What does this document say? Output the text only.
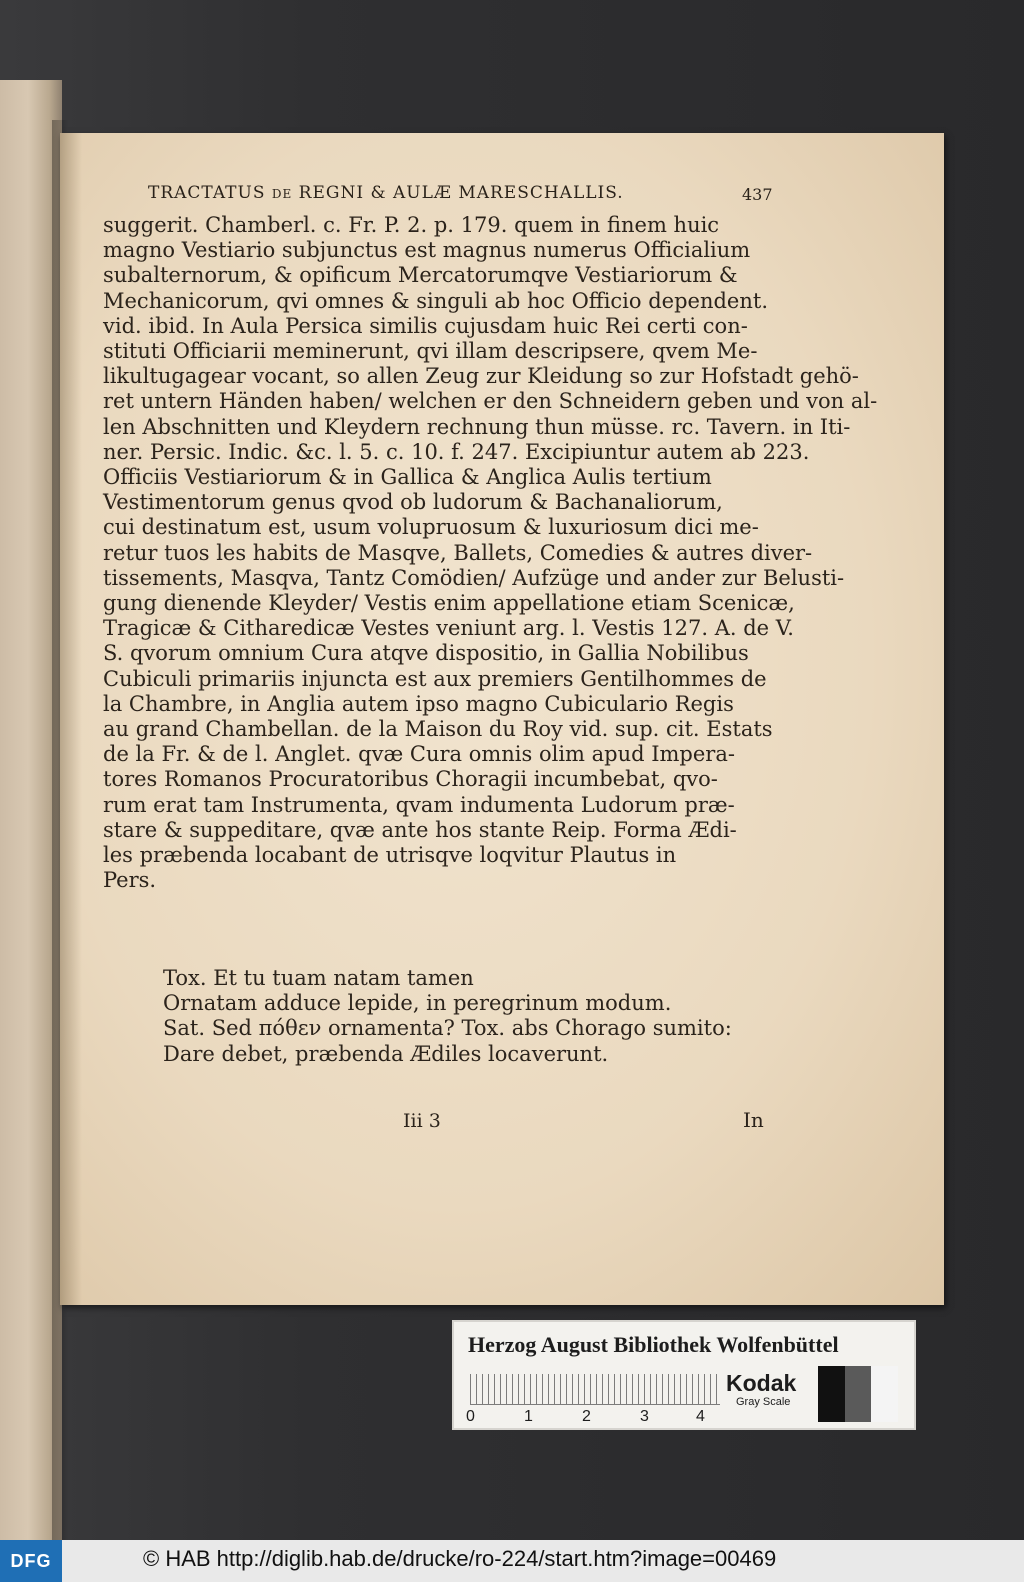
TRACTATUS de REGNI & AULÆ MARESCHALLIS.	437
suggerit. Chamberl. c. Fr. P. 2. p. 179. quem in finem huic
magno Vestiario subjunctus est magnus numerus Officialium
subalternorum, & opificum Mercatorumqve Vestiariorum &
Mechanicorum, qvi omnes & singuli ab hoc Officio dependent.
vid. ibid. In Aula Persica similis cujusdam huic Rei certi con-
stituti Officiarii meminerunt, qvi illam descripsere, qvem Me-
likultugagear vocant, so allen Zeug zur Kleidung so zur Hofstadt gehö-
ret untern Händen haben/ welchen er den Schneidern geben und von al-
len Abschnitten und Kleydern rechnung thun müsse. rc. Tavern. in Iti-
ner. Persic. Indic. &c. l. 5. c. 10. f. 247. Excipiuntur autem ab 223.
Officiis Vestiariorum & in Gallica & Anglica Aulis tertium
Vestimentorum genus qvod ob ludorum & Bachanaliorum,
cui destinatum est, usum volupruosum & luxuriosum dici me-
retur tuos les habits de Masqve, Ballets, Comedies & autres diver-
tissements, Masqva, Tantz Comödien/ Aufzüge und ander zur Belusti-
gung dienende Kleyder/ Vestis enim appellatione etiam Scenicæ,
Tragicæ & Citharedicæ Vestes veniunt arg. l. Vestis 127. A. de V.
S. qvorum omnium Cura atqve dispositio, in Gallia Nobilibus
Cubiculi primariis injuncta est aux premiers Gentilhommes de
la Chambre, in Anglia autem ipso magno Cubiculario Regis
au grand Chambellan. de la Maison du Roy vid. sup. cit. Estats
de la Fr. & de l. Anglet. qvæ Cura omnis olim apud Impera-
tores Romanos Procuratoribus Choragii incumbebat, qvo-
rum erat tam Instrumenta, qvam indumenta Ludorum præ-
stare & suppeditare, qvæ ante hos stante Reip. Forma Ædi-
les præbenda locabant de utrisqve loqvitur Plautus in
Pers.
Tox. Et tu tuam natam tamen
Ornatam adduce lepide, in peregrinum modum.
Sat. Sed πόθεν ornamenta? Tox. abs Chorago sumito:
Dare debet, præbenda Ædiles locaverunt.
Iii 3	In
Herzog August Bibliothek Wolfenbüttel
0	1	2	3	4
Kodak
Gray Scale
DFG	© HAB http://diglib.hab.de/drucke/ro-224/start.htm?image=00469
